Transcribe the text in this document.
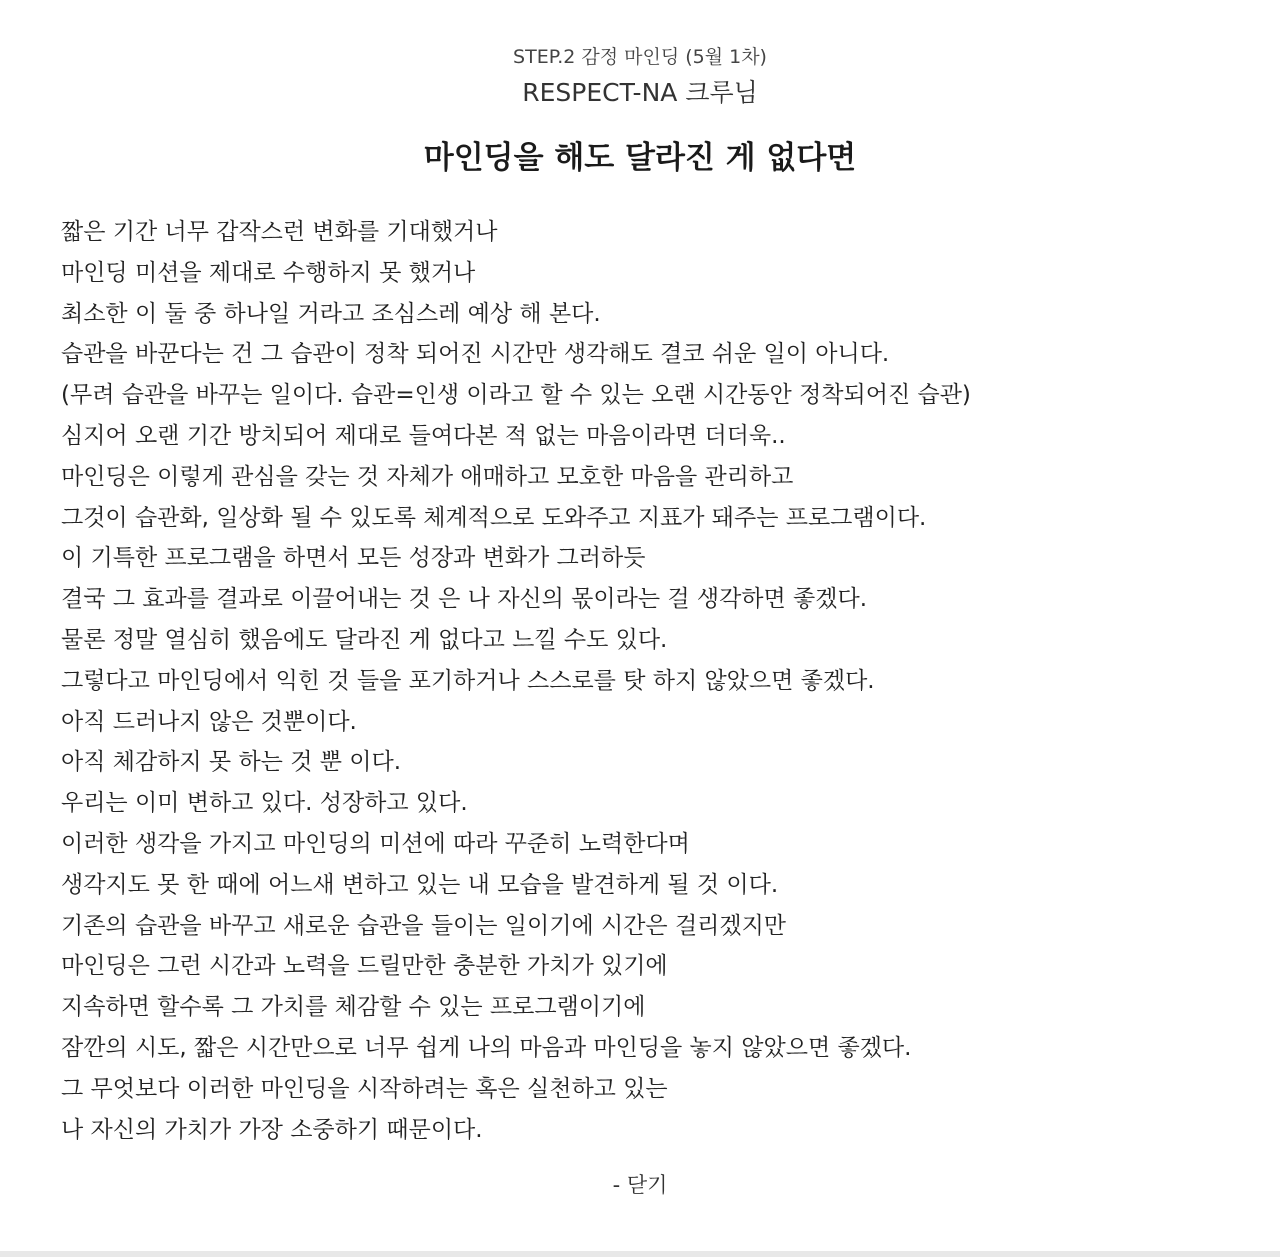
STEP.2 감정 마인딩 (5월 1차)
RESPECT-NA 크루님
마인딩을 해도 달라진 게 없다면
짧은 기간 너무 갑작스런 변화를 기대했거나
마인딩 미션을 제대로 수행하지 못 했거나
최소한 이 둘 중 하나일 거라고 조심스레 예상 해 본다.
습관을 바꾼다는 건 그 습관이 정착 되어진 시간만 생각해도 결코 쉬운 일이 아니다.
(무려 습관을 바꾸는 일이다. 습관=인생 이라고 할 수 있는 오랜 시간동안 정착되어진 습관)
심지어 오랜 기간 방치되어 제대로 들여다본 적 없는 마음이라면 더더욱..
마인딩은 이렇게 관심을 갖는 것 자체가 애매하고 모호한 마음을 관리하고
그것이 습관화, 일상화 될 수 있도록 체계적으로 도와주고 지표가 돼주는 프로그램이다.
이 기특한 프로그램을 하면서 모든 성장과 변화가 그러하듯
결국 그 효과를 결과로 이끌어내는 것 은 나 자신의 몫이라는 걸 생각하면 좋겠다.
물론 정말 열심히 했음에도 달라진 게 없다고 느낄 수도 있다.
그렇다고 마인딩에서 익힌 것 들을 포기하거나 스스로를 탓 하지 않았으면 좋겠다.
아직 드러나지 않은 것뿐이다.
아직 체감하지 못 하는 것 뿐 이다.
우리는 이미 변하고 있다. 성장하고 있다.
이러한 생각을 가지고 마인딩의 미션에 따라 꾸준히 노력한다며
생각지도 못 한 때에 어느새 변하고 있는 내 모습을 발견하게 될 것 이다.
기존의 습관을 바꾸고 새로운 습관을 들이는 일이기에 시간은 걸리겠지만
마인딩은 그런 시간과 노력을 드릴만한 충분한 가치가 있기에
지속하면 할수록 그 가치를 체감할 수 있는 프로그램이기에
잠깐의 시도, 짧은 시간만으로 너무 쉽게 나의 마음과 마인딩을 놓지 않았으면 좋겠다.
그 무엇보다 이러한 마인딩을 시작하려는 혹은 실천하고 있는
나 자신의 가치가 가장 소중하기 때문이다.
- 닫기
